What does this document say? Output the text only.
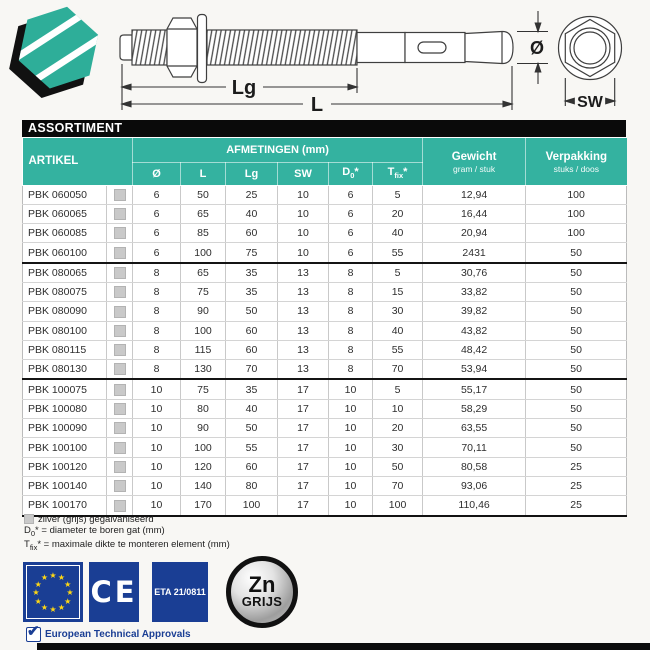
Lg
L
Ø
SW
ASSORTIMENT
ARTIKEL		AFMETINGEN (mm)						Gewicht
gram / stuk	Verpakking
stuks / doos

		Ø	L	Lg	SW	$D_0*$	$T_{fix}*$		
PBK 060050		6	50	25	10	6	5	12,94	100
PBK 060065		6	65	40	10	6	20	16,44	100
PBK 060085		6	85	60	10	6	40	20,94	100
PBK 060100		6	100	75	10	6	55	2431	50
PBK 080065		8	65	35	13	8	5	30,76	50
PBK 080075		8	75	35	13	8	15	33,82	50
PBK 080090		8	90	50	13	8	30	39,82	50
PBK 080100		8	100	60	13	8	40	43,82	50
PBK 080115		8	115	60	13	8	55	48,42	50
PBK 080130		8	130	70	13	8	70	53,94	50
PBK 100075		10	75	35	17	10	5	55,17	50
PBK 100080		10	80	40	17	10	10	58,29	50
PBK 100090		10	90	50	17	10	20	63,55	50
PBK 100100		10	100	55	17	10	30	70,11	50
PBK 100120		10	120	60	17	10	50	80,58	25
PBK 100140		10	140	80	17	10	70	93,06	25
PBK 100170		10	170	100	17	10	100	110,46	25
zilver (grijs) gegalvaniseerd
$D_0*$ = diameter te boren gat (mm)
$T_{fix}*$ = maximale dikte te monteren element (mm)
★ ★
★
★
★
★
★
★
★
★
★
★ CE ETA 21/0811 Zn
GRIJS
✔ European Technical Approvals
